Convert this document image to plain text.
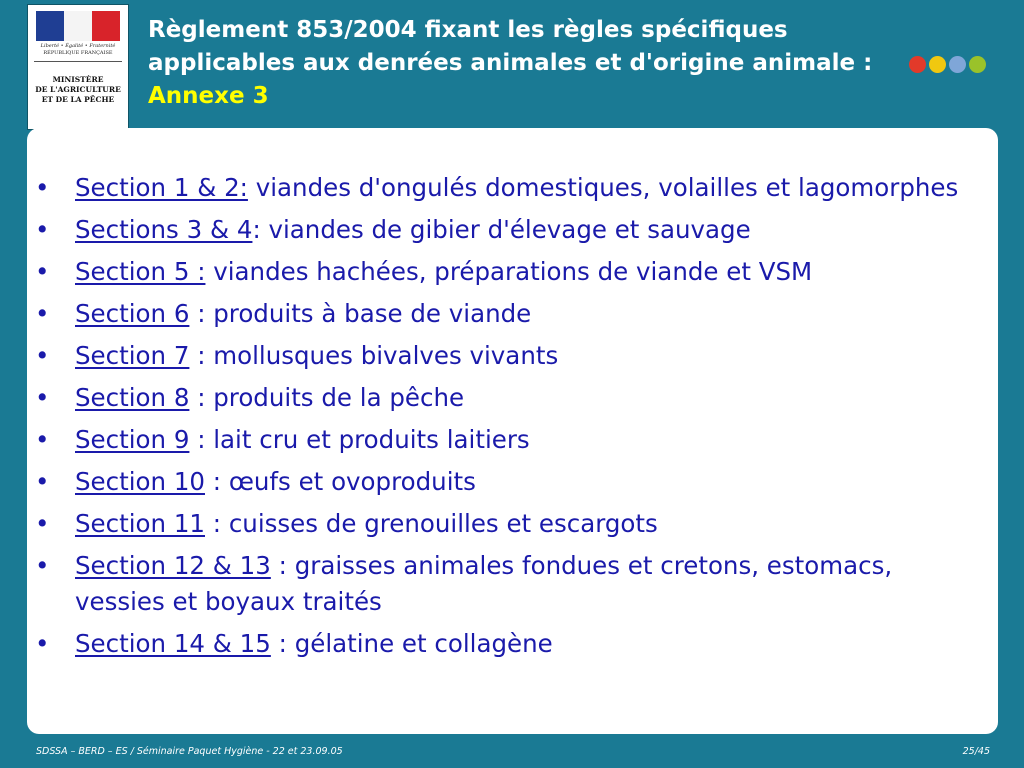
Liberté • Égalité • Fraternité
RÉPUBLIQUE FRANÇAISE
MINISTÈRE
DE L'AGRICULTURE
ET DE LA PÊCHE
Règlement 853/2004 fixant les règles spécifiques applicables aux denrées animales et d'origine animale : Annexe 3
• Section 1 & 2: viandes d'ongulés domestiques, volailles et lagomorphes
• Sections 3 & 4: viandes de gibier d'élevage et sauvage
• Section 5 : viandes hachées, préparations de viande et VSM
• Section 6 : produits à base de viande
• Section 7 : mollusques bivalves vivants
• Section 8 : produits de la pêche
• Section 9 : lait cru et produits laitiers
• Section 10 : œufs et ovoproduits
• Section 11 : cuisses de grenouilles et escargots
• Section 12 & 13 : graisses animales fondues et cretons, estomacs, vessies et boyaux traités
• Section 14 & 15 : gélatine et collagène
SDSSA – BERD – ES / Séminaire Paquet Hygiène - 22 et 23.09.05	25/45
